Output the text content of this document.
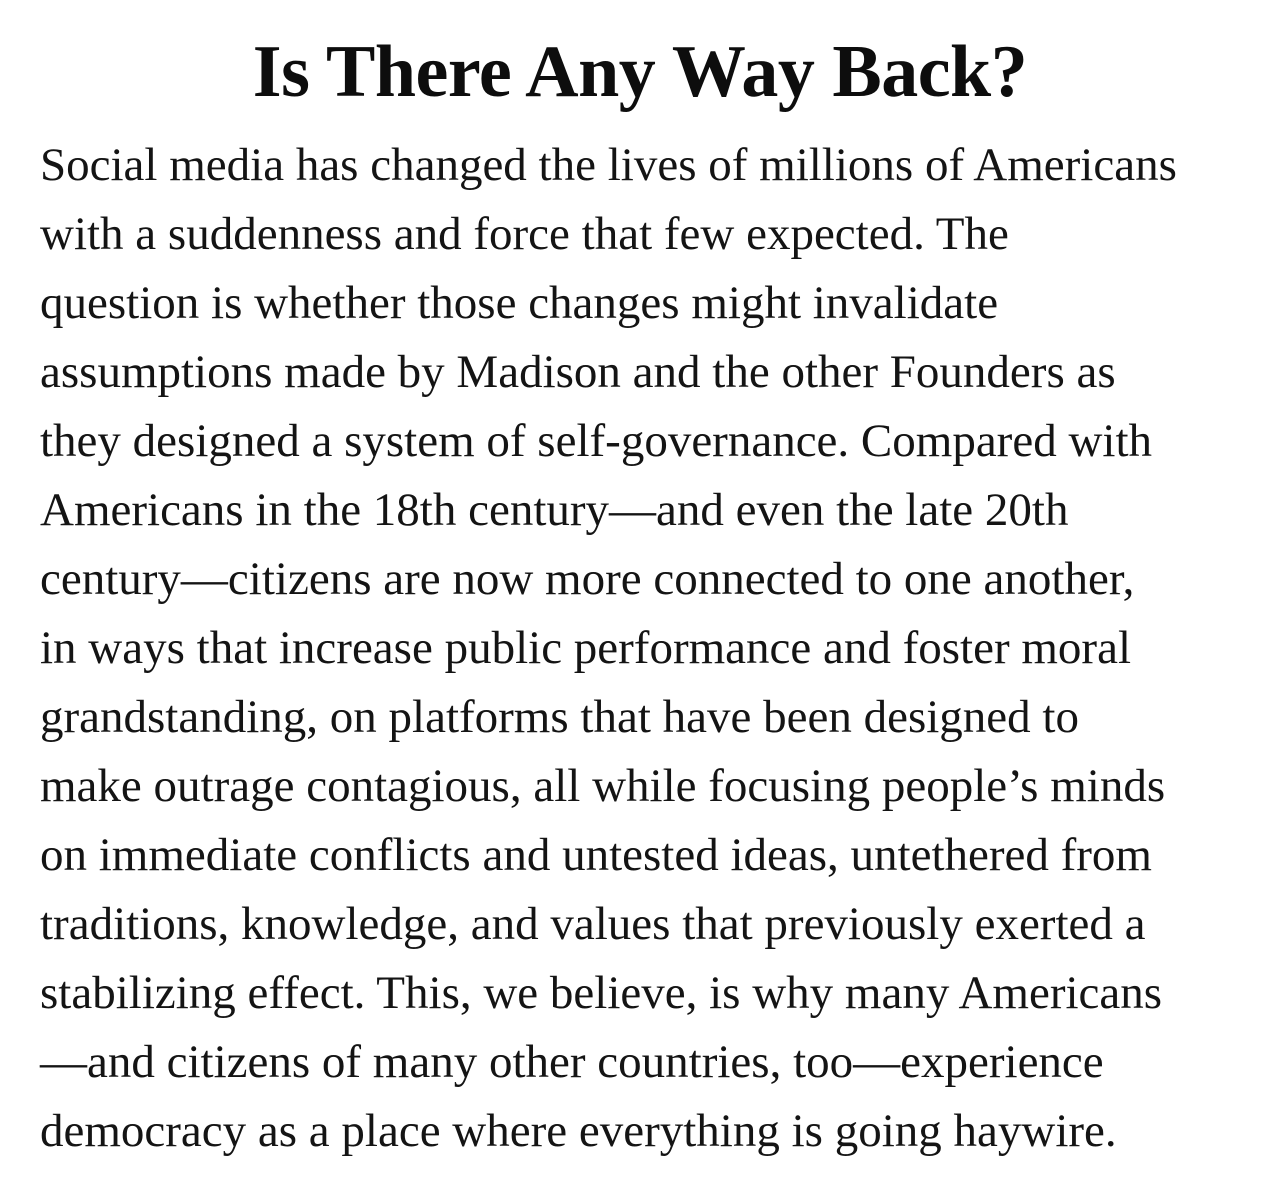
Is There Any Way Back?
Social media has changed the lives of millions of Americans
with a suddenness and force that few expected. The
question is whether those changes might invalidate
assumptions made by Madison and the other Founders as
they designed a system of self-governance. Compared with
Americans in the 18th century—and even the late 20th
century—citizens are now more connected to one another,
in ways that increase public performance and foster moral
grandstanding, on platforms that have been designed to
make outrage contagious, all while focusing people’s minds
on immediate conflicts and untested ideas, untethered from
traditions, knowledge, and values that previously exerted a
stabilizing effect. This, we believe, is why many Americans
—and citizens of many other countries, too—experience
democracy as a place where everything is going haywire.
